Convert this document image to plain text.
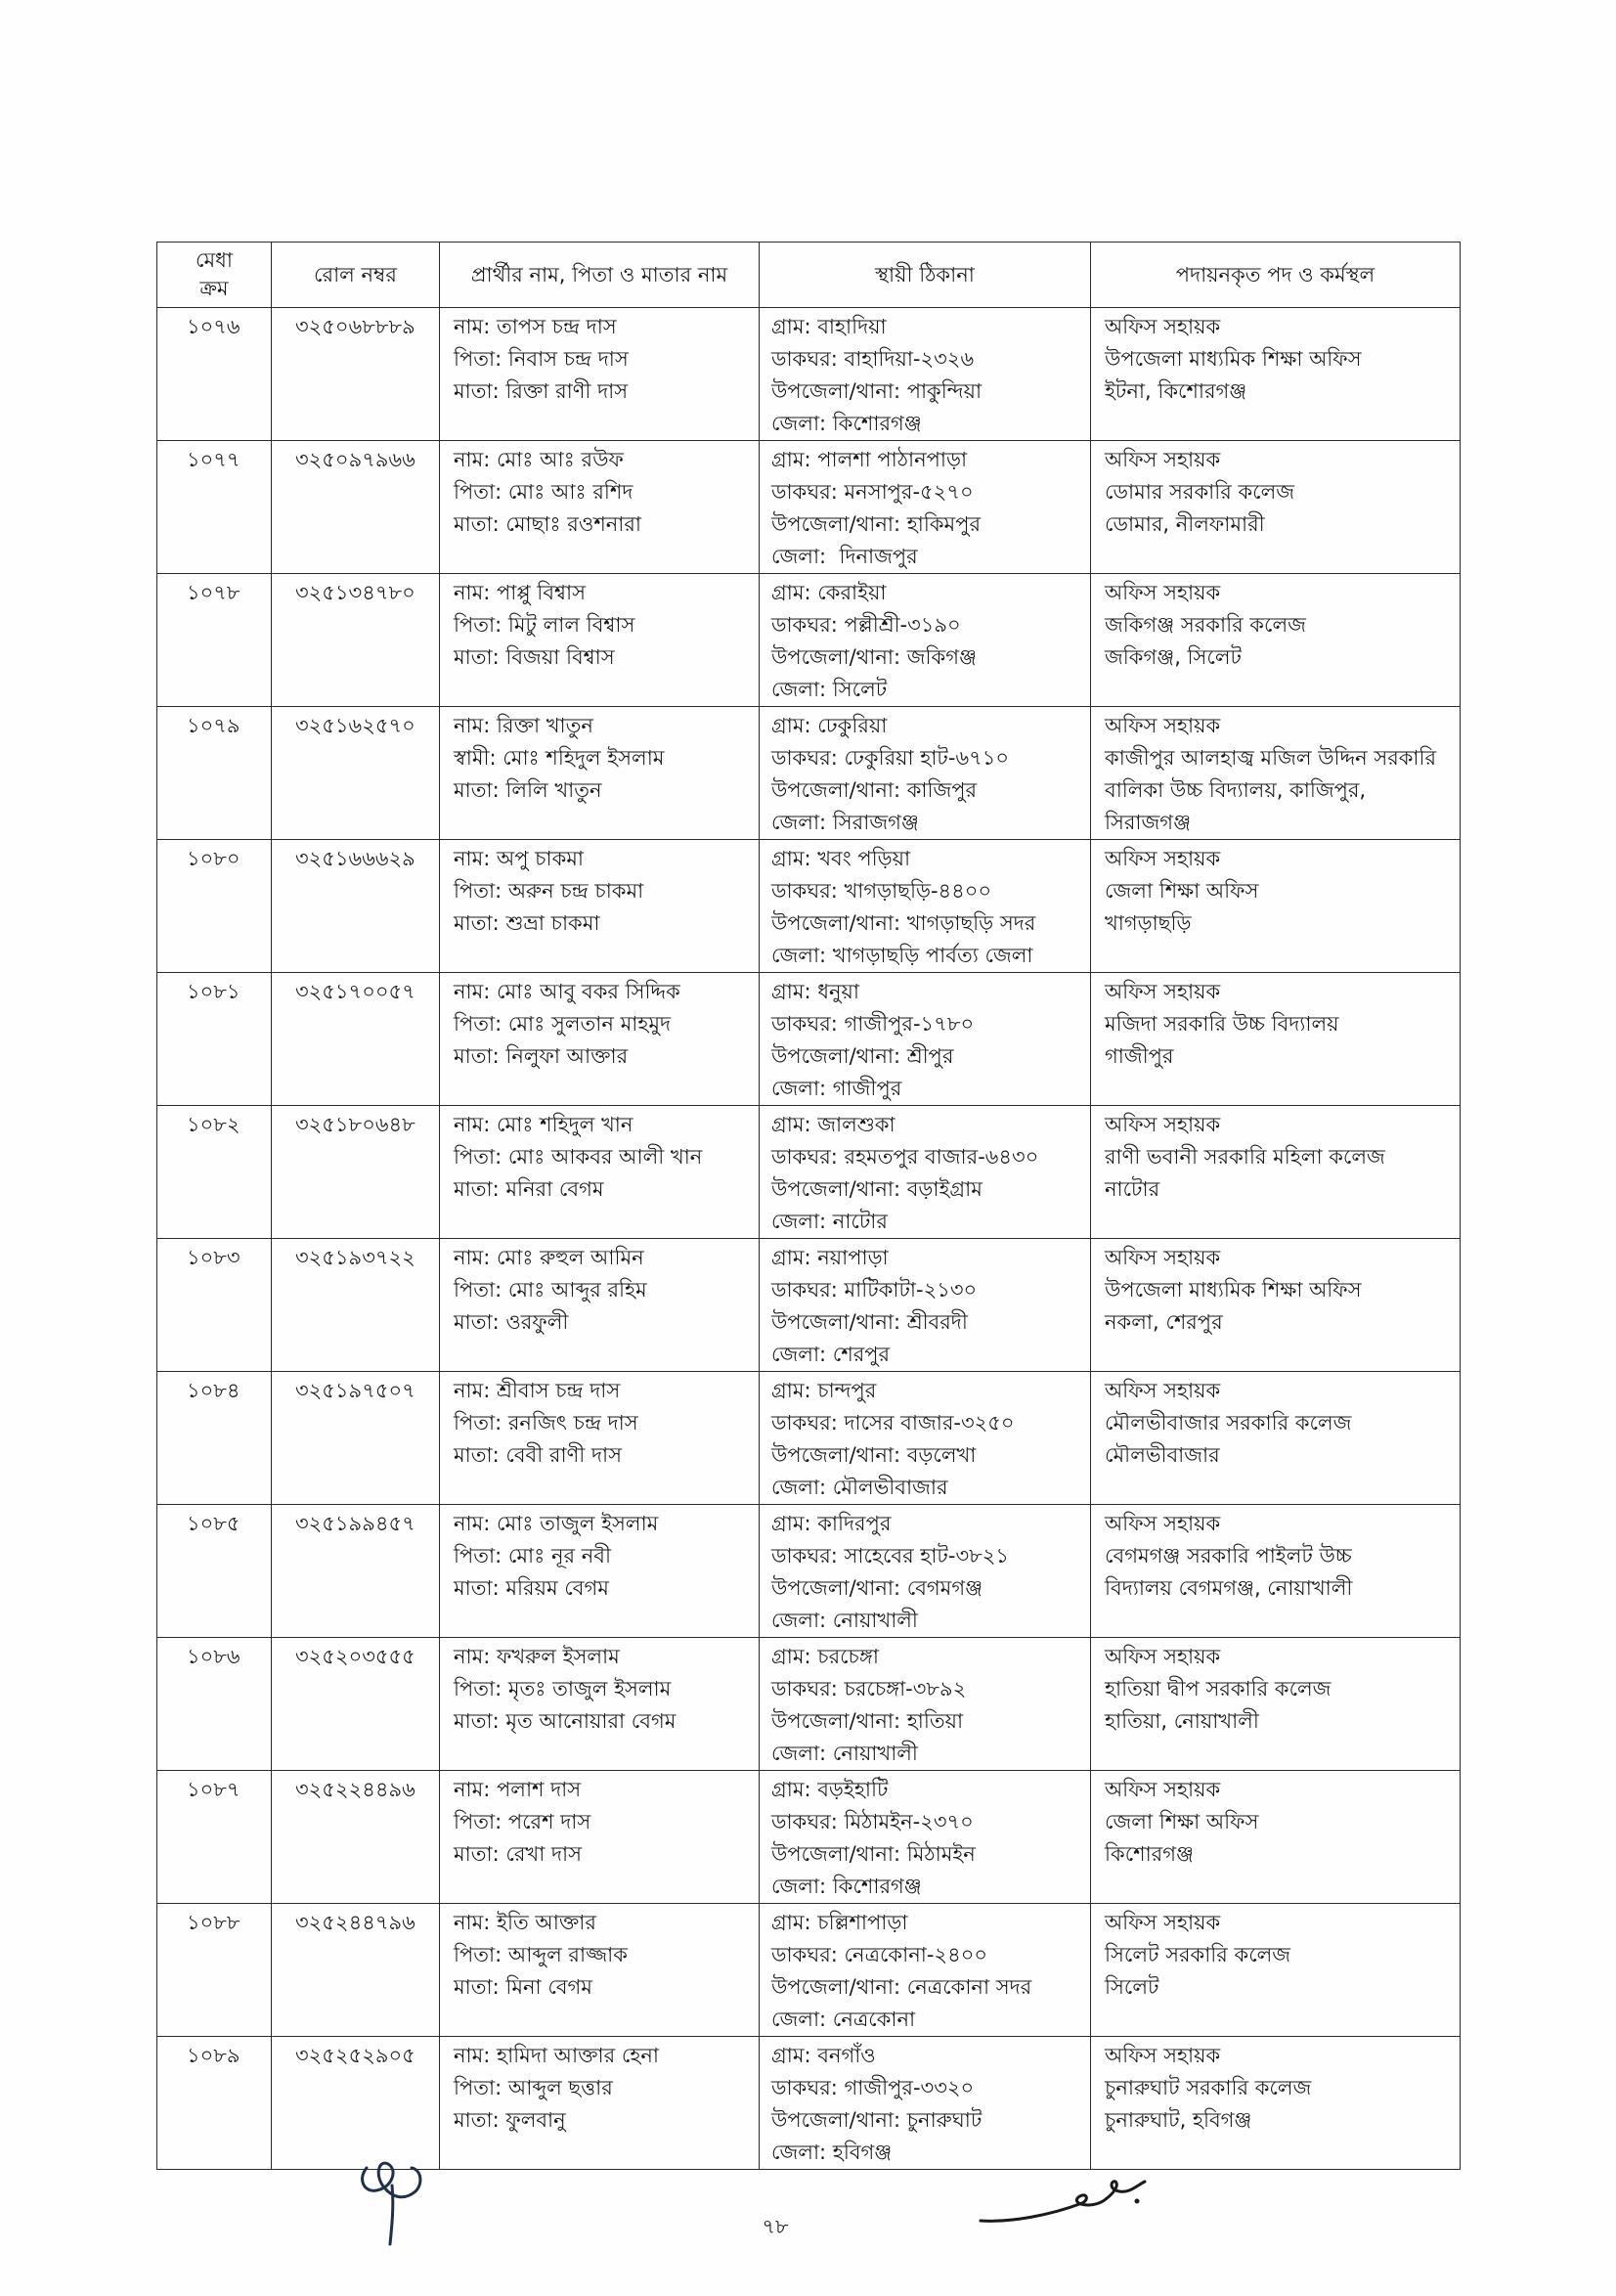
মেধা
ক্রম	রোল নম্বর	প্রার্থীর নাম, পিতা ও মাতার নাম	স্থায়ী ঠিকানা	পদায়নকৃত পদ ও কর্মস্থল

১০৭৬	৩২৫০৬৮৮৮৯	নাম: তাপস চন্দ্র দাস
পিতা: নিবাস চন্দ্র দাস
মাতা: রিক্তা রাণী দাস	গ্রাম: বাহাদিয়া
ডাকঘর: বাহাদিয়া-২৩২৬
উপজেলা/থানা: পাকুন্দিয়া
জেলা: কিশোরগঞ্জ	অফিস সহায়ক
উপজেলা মাধ্যমিক শিক্ষা অফিস
ইটনা, কিশোরগঞ্জ

১০৭৭	৩২৫০৯৭৯৬৬	নাম: মোঃ আঃ রউফ
পিতা: মোঃ আঃ রশিদ
মাতা: মোছাঃ রওশনারা	গ্রাম: পালশা পাঠানপাড়া
ডাকঘর: মনসাপুর-৫২৭০
উপজেলা/থানা: হাকিমপুর
জেলা:  দিনাজপুর	অফিস সহায়ক
ডোমার সরকারি কলেজ
ডোমার, নীলফামারী

১০৭৮	৩২৫১৩৪৭৮০	নাম: পাপ্পু বিশ্বাস
পিতা: মিটু লাল বিশ্বাস
মাতা: বিজয়া বিশ্বাস	গ্রাম: কেরাইয়া
ডাকঘর: পল্লীশ্রী-৩১৯০
উপজেলা/থানা: জকিগঞ্জ
জেলা: সিলেট	অফিস সহায়ক
জকিগঞ্জ সরকারি কলেজ
জকিগঞ্জ, সিলেট

১০৭৯	৩২৫১৬২৫৭০	নাম: রিক্তা খাতুন
স্বামী: মোঃ শহিদুল ইসলাম
মাতা: লিলি খাতুন	গ্রাম: ঢেকুরিয়া
ডাকঘর: ঢেকুরিয়া হাট-৬৭১০
উপজেলা/থানা: কাজিপুর
জেলা: সিরাজগঞ্জ	অফিস সহায়ক
কাজীপুর আলহাজ্ব মজিল উদ্দিন সরকারি
বালিকা উচ্চ বিদ্যালয়, কাজিপুর,
সিরাজগঞ্জ

১০৮০	৩২৫১৬৬৬২৯	নাম: অপু চাকমা
পিতা: অরুন চন্দ্র চাকমা
মাতা: শুভ্রা চাকমা	গ্রাম: খবং পড়িয়া
ডাকঘর: খাগড়াছড়ি-৪৪০০
উপজেলা/থানা: খাগড়াছড়ি সদর
জেলা: খাগড়াছড়ি পার্বত্য জেলা	অফিস সহায়ক
জেলা শিক্ষা অফিস
খাগড়াছড়ি

১০৮১	৩২৫১৭০০৫৭	নাম: মোঃ আবু বকর সিদ্দিক
পিতা: মোঃ সুলতান মাহমুদ
মাতা: নিলুফা আক্তার	গ্রাম: ধনুয়া
ডাকঘর: গাজীপুর-১৭৮০
উপজেলা/থানা: শ্রীপুর
জেলা: গাজীপুর	অফিস সহায়ক
মজিদা সরকারি উচ্চ বিদ্যালয়
গাজীপুর

১০৮২	৩২৫১৮০৬৪৮	নাম: মোঃ শহিদুল খান
পিতা: মোঃ আকবর আলী খান
মাতা: মনিরা বেগম	গ্রাম: জালশুকা
ডাকঘর: রহমতপুর বাজার-৬৪৩০
উপজেলা/থানা: বড়াইগ্রাম
জেলা: নাটোর	অফিস সহায়ক
রাণী ভবানী সরকারি মহিলা কলেজ
নাটোর

১০৮৩	৩২৫১৯৩৭২২	নাম: মোঃ রুহুল আমিন
পিতা: মোঃ আব্দুর রহিম
মাতা: ওরফুলী	গ্রাম: নয়াপাড়া
ডাকঘর: মাটিকাটা-২১৩০
উপজেলা/থানা: শ্রীবরদী
জেলা: শেরপুর	অফিস সহায়ক
উপজেলা মাধ্যমিক শিক্ষা অফিস
নকলা, শেরপুর

১০৮৪	৩২৫১৯৭৫০৭	নাম: শ্রীবাস চন্দ্র দাস
পিতা: রনজিৎ চন্দ্র দাস
মাতা: বেবী রাণী দাস	গ্রাম: চান্দপুর
ডাকঘর: দাসের বাজার-৩২৫০
উপজেলা/থানা: বড়লেখা
জেলা: মৌলভীবাজার	অফিস সহায়ক
মৌলভীবাজার সরকারি কলেজ
মৌলভীবাজার

১০৮৫	৩২৫১৯৯৪৫৭	নাম: মোঃ তাজুল ইসলাম
পিতা: মোঃ নূর নবী
মাতা: মরিয়ম বেগম	গ্রাম: কাদিরপুর
ডাকঘর: সাহেবের হাট-৩৮২১
উপজেলা/থানা: বেগমগঞ্জ
জেলা: নোয়াখালী	অফিস সহায়ক
বেগমগঞ্জ সরকারি পাইলট উচ্চ
বিদ্যালয় বেগমগঞ্জ, নোয়াখালী

১০৮৬	৩২৫২০৩৫৫৫	নাম: ফখরুল ইসলাম
পিতা: মৃতঃ তাজুল ইসলাম
মাতা: মৃত আনোয়ারা বেগম	গ্রাম: চরচেঙ্গা
ডাকঘর: চরচেঙ্গা-৩৮৯২
উপজেলা/থানা: হাতিয়া
জেলা: নোয়াখালী	অফিস সহায়ক
হাতিয়া দ্বীপ সরকারি কলেজ
হাতিয়া, নোয়াখালী

১০৮৭	৩২৫২২৪৪৯৬	নাম: পলাশ দাস
পিতা: পরেশ দাস
মাতা: রেখা দাস	গ্রাম: বড়ইহাটি
ডাকঘর: মিঠামইন-২৩৭০
উপজেলা/থানা: মিঠামইন
জেলা: কিশোরগঞ্জ	অফিস সহায়ক
জেলা শিক্ষা অফিস
কিশোরগঞ্জ

১০৮৮	৩২৫২৪৪৭৯৬	নাম: ইতি আক্তার
পিতা: আব্দুল রাজ্জাক
মাতা: মিনা বেগম	গ্রাম: চল্লিশাপাড়া
ডাকঘর: নেত্রকোনা-২৪০০
উপজেলা/থানা: নেত্রকোনা সদর
জেলা: নেত্রকোনা	অফিস সহায়ক
সিলেট সরকারি কলেজ
সিলেট

১০৮৯	৩২৫২৫২৯০৫	নাম: হামিদা আক্তার হেনা
পিতা: আব্দুল ছত্তার
মাতা: ফুলবানু	গ্রাম: বনগাঁও
ডাকঘর: গাজীপুর-৩৩২০
উপজেলা/থানা: চুনারুঘাট
জেলা: হবিগঞ্জ	অফিস সহায়ক
চুনারুঘাট সরকারি কলেজ
চুনারুঘাট, হবিগঞ্জ
৭৮
